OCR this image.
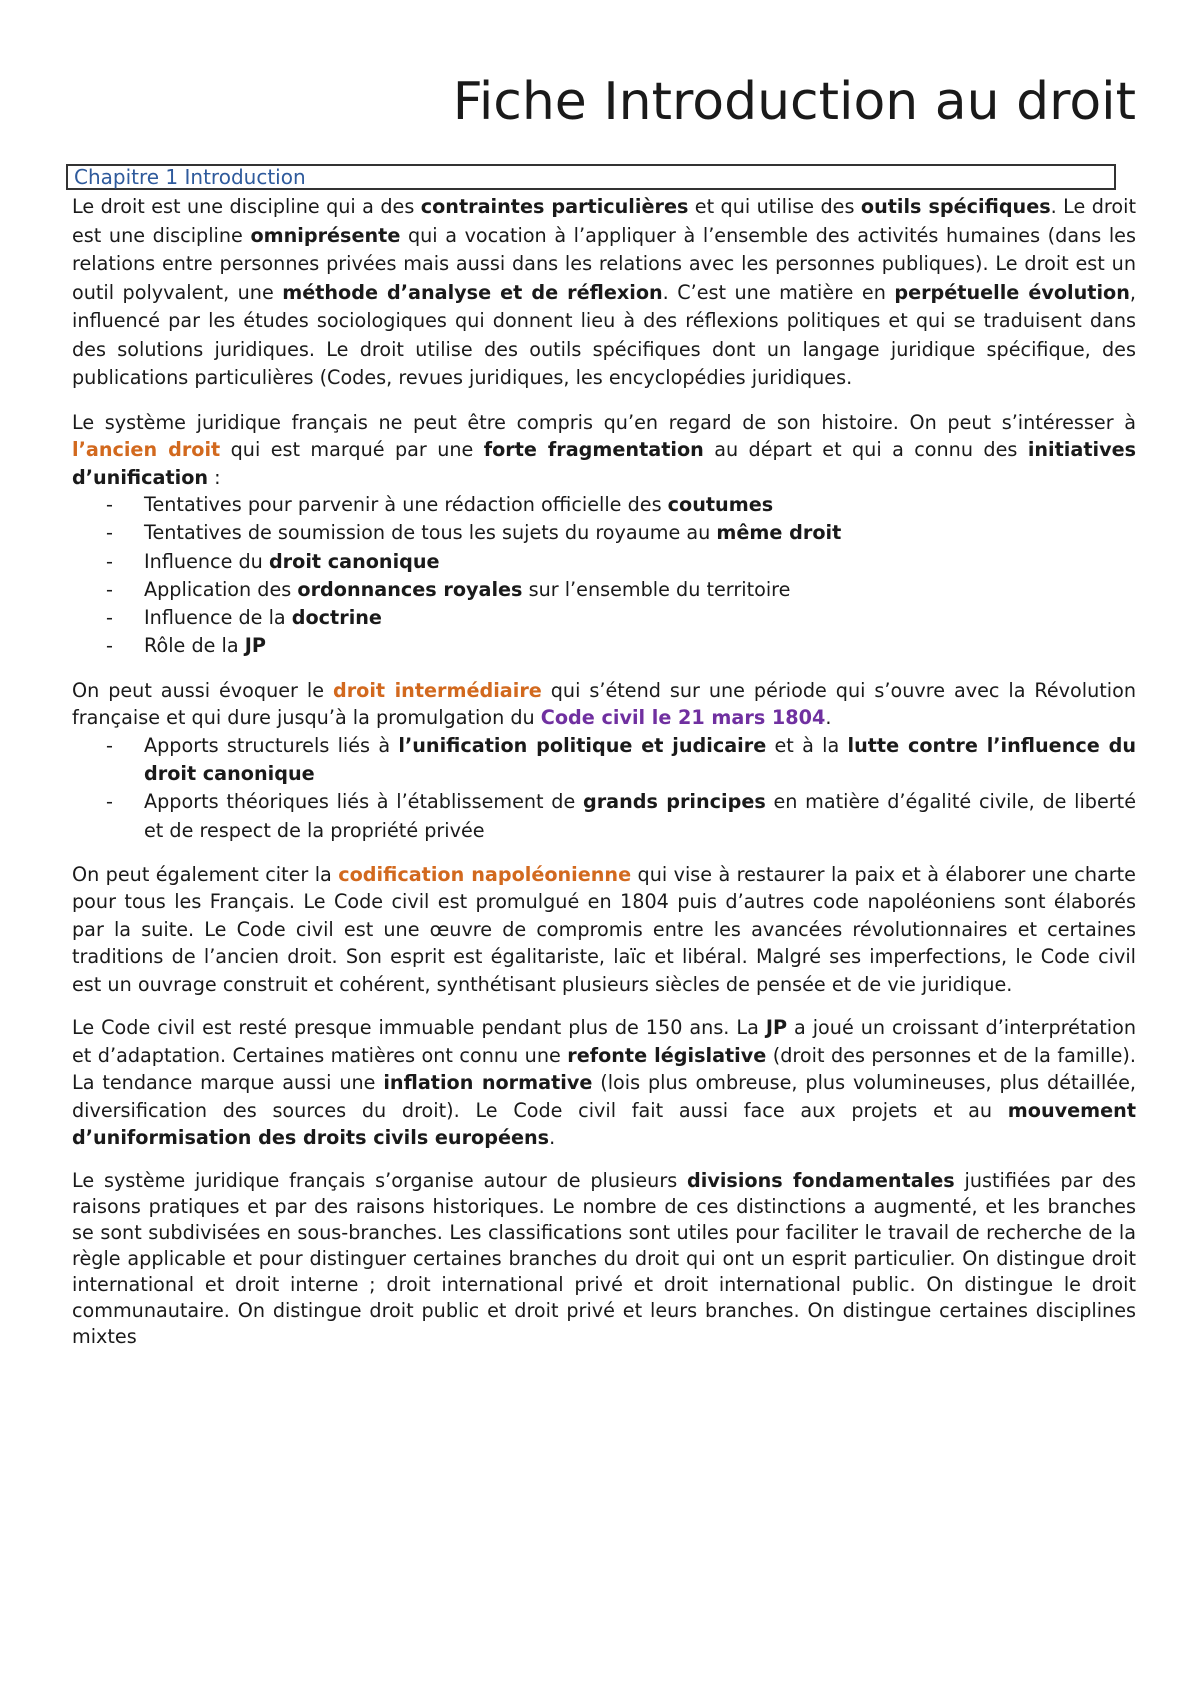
Fiche Introduction au droit
Chapitre 1 Introduction

Le droit est une discipline qui a des contraintes particulières et qui utilise des outils spécifiques. Le droit est une discipline omniprésente qui a vocation à l’appliquer à l’ensemble des activités humaines (dans les relations entre personnes privées mais aussi dans les relations avec les personnes publiques). Le droit est un outil polyvalent, une méthode d’analyse et de réflexion. C’est une matière en perpétuelle évolution, influencé par les études sociologiques qui donnent lieu à des réflexions politiques et qui se traduisent dans des solutions juridiques. Le droit utilise des outils spécifiques dont un langage juridique spécifique, des publications particulières (Codes, revues juridiques, les encyclopédies juridiques.

Le système juridique français ne peut être compris qu’en regard de son histoire. On peut s’intéresser à l’ancien droit qui est marqué par une forte fragmentation au départ et qui a connu des initiatives d’unification :

- Tentatives pour parvenir à une rédaction officielle des coutumes
- Tentatives de soumission de tous les sujets du royaume au même droit
- Influence du droit canonique
- Application des ordonnances royales sur l’ensemble du territoire
- Influence de la doctrine
- Rôle de la JP

On peut aussi évoquer le droit intermédiaire qui s’étend sur une période qui s’ouvre avec la Révolution française et qui dure jusqu’à la promulgation du Code civil le 21 mars 1804.

- Apports structurels liés à l’unification politique et judicaire et à la lutte contre l’influence du droit canonique
- Apports théoriques liés à l’établissement de grands principes en matière d’égalité civile, de liberté et de respect de la propriété privée

On peut également citer la codification napoléonienne qui vise à restaurer la paix et à élaborer une charte pour tous les Français. Le Code civil est promulgué en 1804 puis d’autres code napoléoniens sont élaborés par la suite. Le Code civil est une œuvre de compromis entre les avancées révolutionnaires et certaines traditions de l’ancien droit. Son esprit est égalitariste, laïc et libéral. Malgré ses imperfections, le Code civil est un ouvrage construit et cohérent, synthétisant plusieurs siècles de pensée et de vie juridique.

Le Code civil est resté presque immuable pendant plus de 150 ans. La JP a joué un croissant d’interprétation et d’adaptation. Certaines matières ont connu une refonte législative (droit des personnes et de la famille). La tendance marque aussi une inflation normative (lois plus ombreuse, plus volumineuses, plus détaillée, diversification des sources du droit). Le Code civil fait aussi face aux projets et au mouvement d’uniformisation des droits civils européens.

Le système juridique français s’organise autour de plusieurs divisions fondamentales justifiées par des raisons pratiques et par des raisons historiques. Le nombre de ces distinctions a augmenté, et les branches se sont subdivisées en sous-branches. Les classifications sont utiles pour faciliter le travail de recherche de la règle applicable et pour distinguer certaines branches du droit qui ont un esprit particulier. On distingue droit international et droit interne ; droit international privé et droit international public. On distingue le droit communautaire. On distingue droit public et droit privé et leurs branches. On distingue certaines disciplines mixtes
